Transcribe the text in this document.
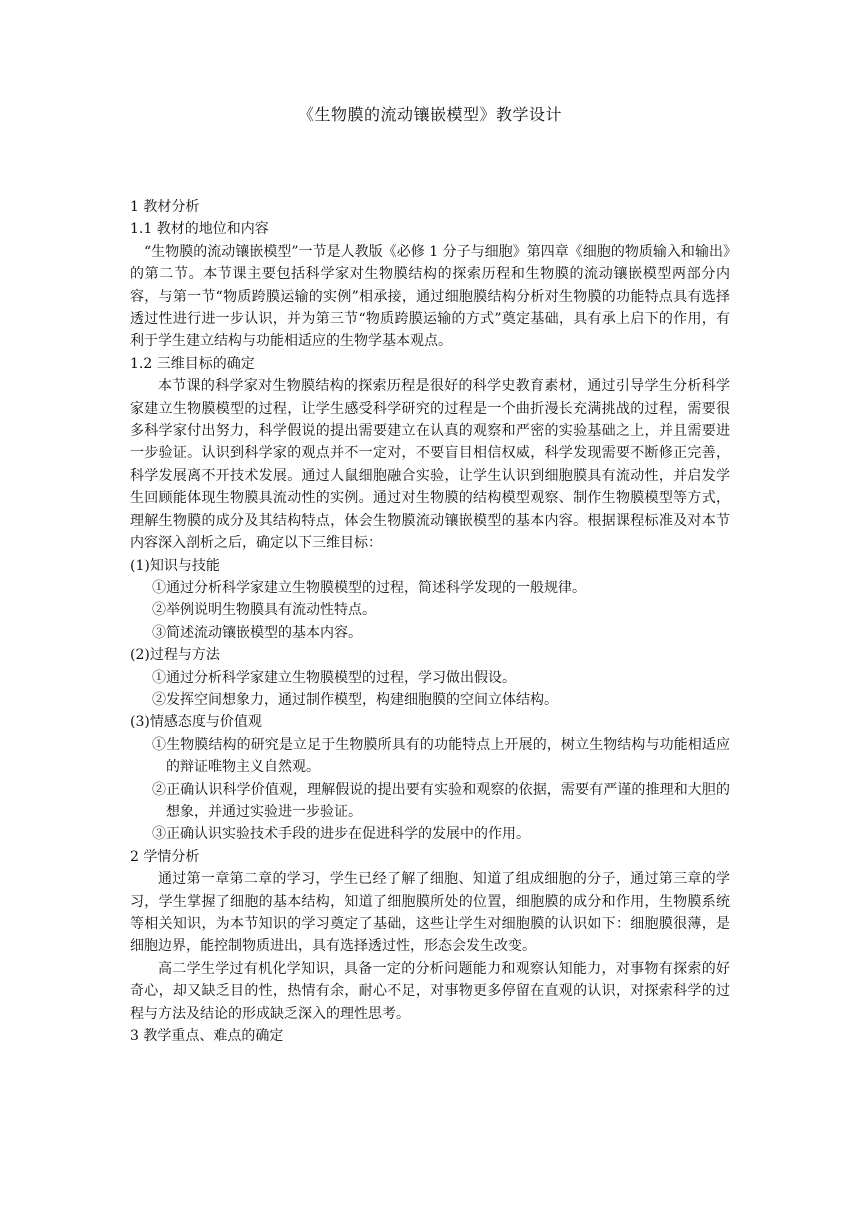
《生物膜的流动镶嵌模型》教学设计

1 教材分析

1.1 教材的地位和内容

“生物膜的流动镶嵌模型”一节是人教版《必修 1 分子与细胞》第四章《细胞的物质输入和输出》的第二节。本节课主要包括科学家对生物膜结构的探索历程和生物膜的流动镶嵌模型两部分内容，与第一节“物质跨膜运输的实例”相承接，通过细胞膜结构分析对生物膜的功能特点具有选择透过性进行进一步认识，并为第三节“物质跨膜运输的方式”奠定基础，具有承上启下的作用，有利于学生建立结构与功能相适应的生物学基本观点。

1.2 三维目标的确定

本节课的科学家对生物膜结构的探索历程是很好的科学史教育素材，通过引导学生分析科学家建立生物膜模型的过程，让学生感受科学研究的过程是一个曲折漫长充满挑战的过程，需要很多科学家付出努力，科学假说的提出需要建立在认真的观察和严密的实验基础之上，并且需要进一步验证。认识到科学家的观点并不一定对，不要盲目相信权威，科学发现需要不断修正完善，科学发展离不开技术发展。通过人鼠细胞融合实验，让学生认识到细胞膜具有流动性，并启发学生回顾能体现生物膜具流动性的实例。通过对生物膜的结构模型观察、制作生物膜模型等方式，理解生物膜的成分及其结构特点，体会生物膜流动镶嵌模型的基本内容。根据课程标准及对本节内容深入剖析之后，确定以下三维目标：

(1)知识与技能

①通过分析科学家建立生物膜模型的过程，简述科学发现的一般规律。

②举例说明生物膜具有流动性特点。

③简述流动镶嵌模型的基本内容。

(2)过程与方法

①通过分析科学家建立生物膜模型的过程，学习做出假设。

②发挥空间想象力，通过制作模型，构建细胞膜的空间立体结构。

(3)情感态度与价值观

①生物膜结构的研究是立足于生物膜所具有的功能特点上开展的，树立生物结构与功能相适应的辩证唯物主义自然观。

②正确认识科学价值观，理解假说的提出要有实验和观察的依据，需要有严谨的推理和大胆的想象，并通过实验进一步验证。

③正确认识实验技术手段的进步在促进科学的发展中的作用。

2 学情分析

通过第一章第二章的学习，学生已经了解了细胞、知道了组成细胞的分子，通过第三章的学习，学生掌握了细胞的基本结构，知道了细胞膜所处的位置，细胞膜的成分和作用，生物膜系统等相关知识，为本节知识的学习奠定了基础，这些让学生对细胞膜的认识如下：细胞膜很薄，是细胞边界，能控制物质进出，具有选择透过性，形态会发生改变。

高二学生学过有机化学知识，具备一定的分析问题能力和观察认知能力，对事物有探索的好奇心，却又缺乏目的性，热情有余，耐心不足，对事物更多停留在直观的认识，对探索科学的过程与方法及结论的形成缺乏深入的理性思考。

3 教学重点、难点的确定
